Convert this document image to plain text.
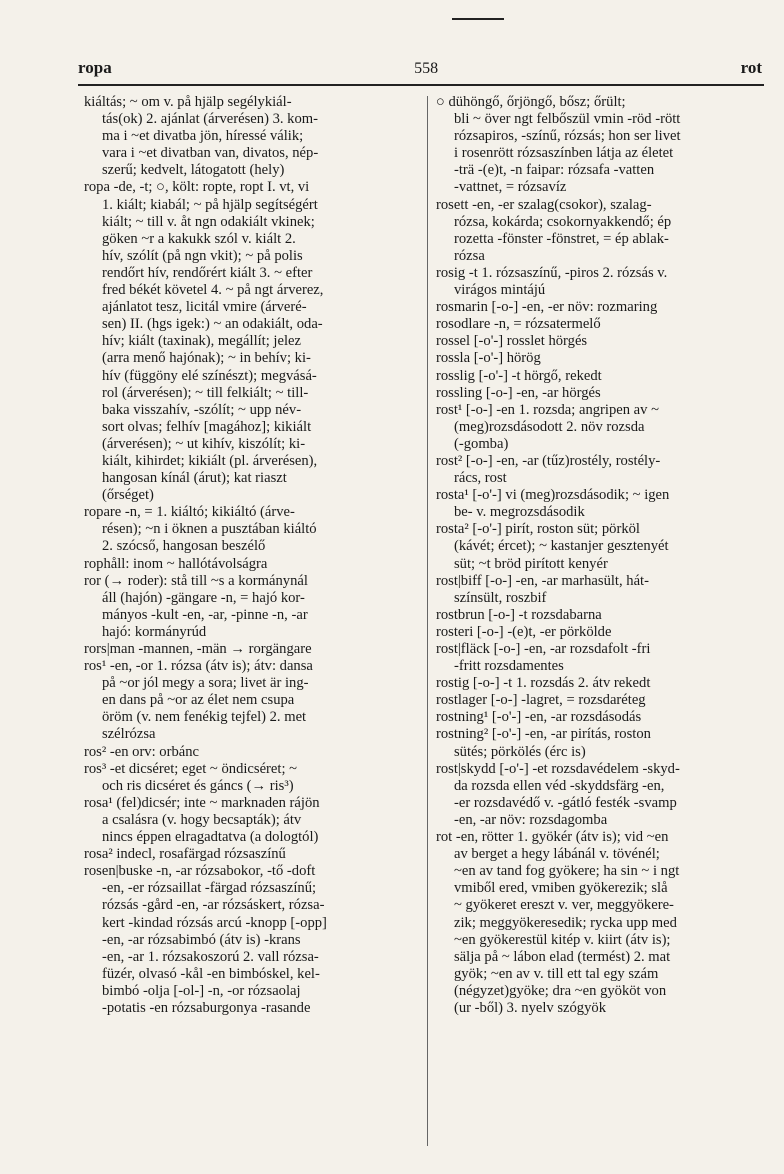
ropa	558	rot

kiáltás; ~ om v. på hjälp segélykiál-
tás(ok) 2. ajánlat (árverésen) 3. kom-
ma i ~et divatba jön, híressé válik;
vara i ~et divatban van, divatos, nép-
szerű; kedvelt, látogatott (hely)

ropa -de, -t; ○, költ: ropte, ropt I. vt, vi
1. kiált; kiabál; ~ på hjälp segítségért
kiált; ~ till v. åt ngn odakiált vkinek;
göken ~r a kakukk szól v. kiált 2.
hív, szólít (på ngn vkit); ~ på polis
rendőrt hív, rendőrért kiált 3. ~ efter
fred békét követel 4. ~ på ngt árverez,
ajánlatot tesz, licitál vmire (árveré-
sen) II. (hgs igek:) ~ an odakiált, oda-
hív; kiált (taxinak), megállít; jelez
(arra menő hajónak); ~ in behív; ki-
hív (függöny elé színészt); megvásá-
rol (árverésen); ~ till felkiált; ~ till-
baka visszahív, -szólít; ~ upp név-
sort olvas; felhív [magához]; kikiált
(árverésen); ~ ut kihív, kiszólít; ki-
kiált, kihirdet; kikiált (pl. árverésen),
hangosan kínál (árut); kat riaszt
(őrséget)

ropare -n, = 1. kiáltó; kikiáltó (árve-
résen); ~n i öknen a pusztában kiáltó
2. szócső, hangosan beszélő

rophåll: inom ~ hallótávolságra

ror (→ roder): stå till ~s a kormánynál
áll (hajón) -gängare -n, = hajó kor-
mányos -kult -en, -ar, -pinne -n, -ar
hajó: kormányrúd

rors|man -mannen, -män → rorgängare

ros¹ -en, -or 1. rózsa (átv is); átv: dansa
på ~or jól megy a sora; livet är ing-
en dans på ~or az élet nem csupa
öröm (v. nem fenékig tejfel) 2. met
szélrózsa

ros² -en orv: orbánc

ros³ -et dicséret; eget ~ öndicséret; ~
och ris dicséret és gáncs (→ ris³)

rosa¹ (fel)dicsér; inte ~ marknaden rájön
a csalásra (v. hogy becsapták); átv
nincs éppen elragadtatva (a dologtól)

rosa² indecl, rosafärgad rózsaszínű

rosen|buske -n, -ar rózsabokor, -tő -doft
-en, -er rózsaillat -färgad rózsaszínű;
rózsás -gård -en, -ar rózsáskert, rózsa-
kert -kindad rózsás arcú -knopp [-opp]
-en, -ar rózsabimbó (átv is) -krans
-en, -ar 1. rózsakoszorú 2. vall rózsa-
füzér, olvasó -kål -en bimbóskel, kel-
bimbó -olja [-ol-] -n, -or rózsaolaj
-potatis -en rózsaburgonya -rasande

○ dühöngő, őrjöngő, bősz; őrült;
bli ~ över ngt felbőszül vmin -röd -rött
rózsapiros, -színű, rózsás; hon ser livet
i rosenrött rózsaszínben látja az életet
-trä -(e)t, -n faipar: rózsafa -vatten
-vattnet, = rózsavíz

rosett -en, -er szalag(csokor), szalag-
rózsa, kokárda; csokornyakkendő; ép
rozetta -fönster -fönstret, = ép ablak-
rózsa

rosig -t 1. rózsaszínű, -piros 2. rózsás v.
virágos mintájú

rosmarin [-o-] -en, -er növ: rozmaring

rosodlare -n, = rózsatermelő

rossel [-o'-] rosslet hörgés

rossla [-o'-] hörög

rosslig [-o'-] -t hörgő, rekedt

rossling [-o-] -en, -ar hörgés

rost¹ [-o-] -en 1. rozsda; angripen av ~
(meg)rozsdásodott 2. növ rozsda
(-gomba)

rost² [-o-] -en, -ar (tűz)rostély, rostély-
rács, rost

rosta¹ [-o'-] vi (meg)rozsdásodik; ~ igen
be- v. megrozsdásodik

rosta² [-o'-] pirít, roston süt; pörköl
(kávét; ércet); ~ kastanjer gesztenyét
süt; ~t bröd pirított kenyér

rost|biff [-o-] -en, -ar marhasült, hát-
színsült, roszbif

rostbrun [-o-] -t rozsdabarna

rosteri [-o-] -(e)t, -er pörkölde

rost|fläck [-o-] -en, -ar rozsdafolt -fri
-fritt rozsdamentes

rostig [-o-] -t 1. rozsdás 2. átv rekedt

rostlager [-o-] -lagret, = rozsdaréteg

rostning¹ [-o'-] -en, -ar rozsdásodás

rostning² [-o'-] -en, -ar pirítás, roston
sütés; pörkölés (érc is)

rost|skydd [-o'-] -et rozsdavédelem -skyd-
da rozsda ellen véd -skyddsfärg -en,
-er rozsdavédő v. -gátló festék -svamp
-en, -ar növ: rozsdagomba

rot -en, rötter 1. gyökér (átv is); vid ~en
av berget a hegy lábánál v. tövénél;
~en av tand fog gyökere; ha sin ~ i ngt
vmiből ered, vmiben gyökerezik; slå
~ gyökeret ereszt v. ver, meggyökere-
zik; meggyökeresedik; rycka upp med
~en gyökerestül kitép v. kiirt (átv is);
sälja på ~ lábon elad (termést) 2. mat
gyök; ~en av v. till ett tal egy szám
(négyzet)gyöke; dra ~en gyököt von
(ur -ből) 3. nyelv szógyök
